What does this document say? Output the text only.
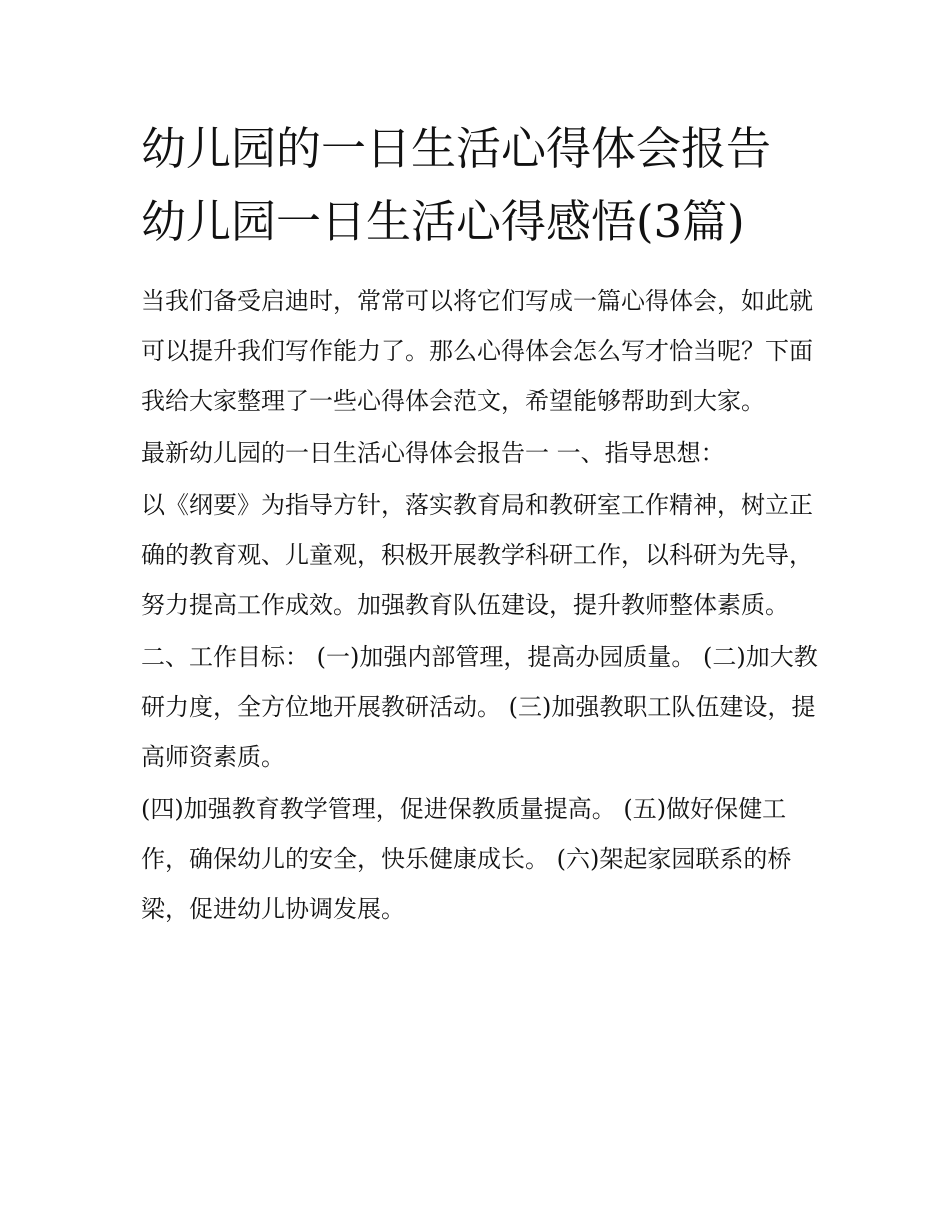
幼儿园的一日生活心得体会报告 幼儿园一日生活心得感悟(3篇)

当我们备受启迪时，常常可以将它们写成一篇心得体会，如此就可以提升我们写作能力了。那么心得体会怎么写才恰当呢？下面我给大家整理了一些心得体会范文，希望能够帮助到大家。

最新幼儿园的一日生活心得体会报告一 一、指导思想：

以《纲要》为指导方针，落实教育局和教研室工作精神，树立正确的教育观、儿童观，积极开展教学科研工作，以科研为先导，努力提高工作成效。加强教育队伍建设，提升教师整体素质。

二、工作目标： (一)加强内部管理，提高办园质量。 (二)加大教研力度，全方位地开展教研活动。 (三)加强教职工队伍建设，提高师资素质。

(四)加强教育教学管理，促进保教质量提高。 (五)做好保健工作，确保幼儿的安全，快乐健康成长。 (六)架起家园联系的桥梁，促进幼儿协调发展。
